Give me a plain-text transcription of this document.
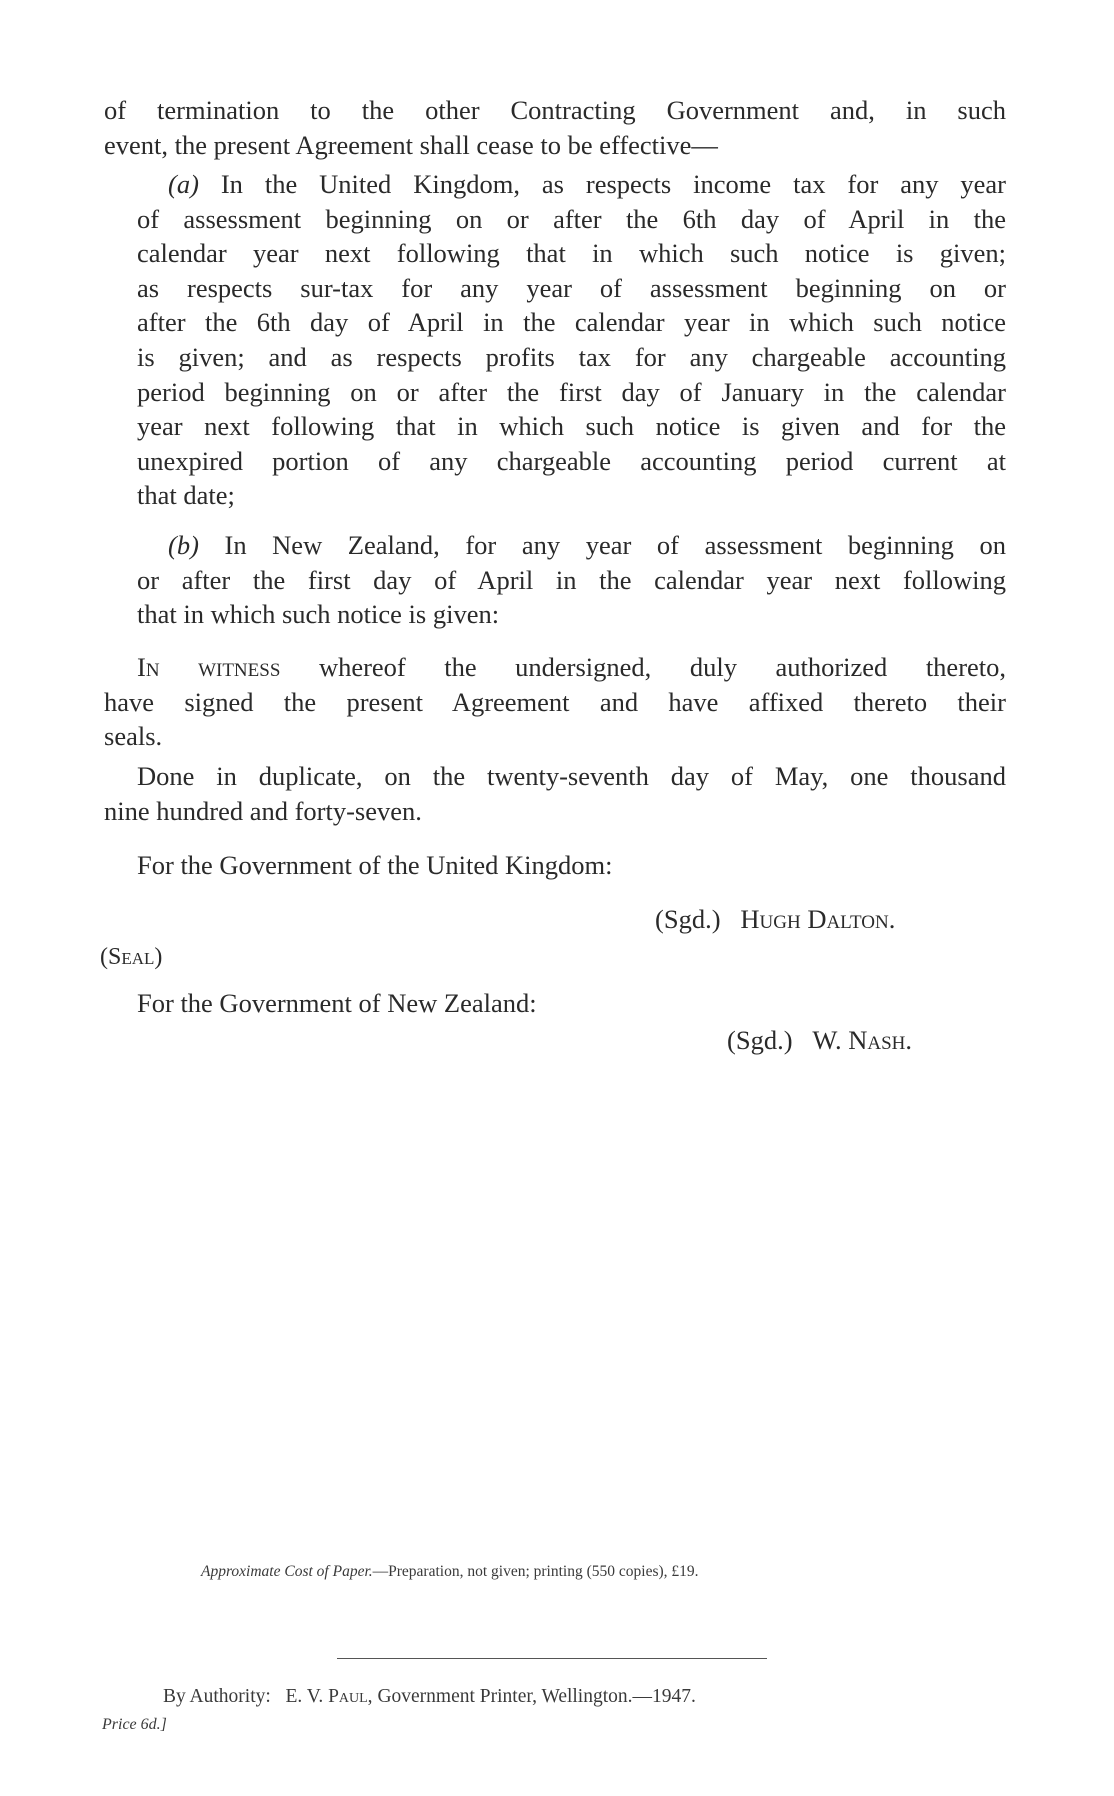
of termination to the other Contracting Government and, in such
event, the present Agreement shall cease to be effective—
(a) In the United Kingdom, as respects income tax for any year
of assessment beginning on or after the 6th day of April in the
calendar year next following that in which such notice is given;
as respects sur-tax for any year of assessment beginning on or
after the 6th day of April in the calendar year in which such notice
is given; and as respects profits tax for any chargeable accounting
period beginning on or after the first day of January in the calendar
year next following that in which such notice is given and for the
unexpired portion of any chargeable accounting period current at
that date;
(b) In New Zealand, for any year of assessment beginning on
or after the first day of April in the calendar year next following
that in which such notice is given:
In witness whereof the undersigned, duly authorized thereto,
have signed the present Agreement and have affixed thereto their
seals.
Done in duplicate, on the twenty-seventh day of May, one thousand
nine hundred and forty-seven.
For the Government of the United Kingdom:
(Sgd.) Hugh Dalton.
(Seal)
For the Government of New Zealand:
(Sgd.) W. Nash.
Approximate Cost of Paper.—Preparation, not given; printing (550 copies), £19.
By Authority: E. V. Paul, Government Printer, Wellington.—1947.
Price 6d.]
